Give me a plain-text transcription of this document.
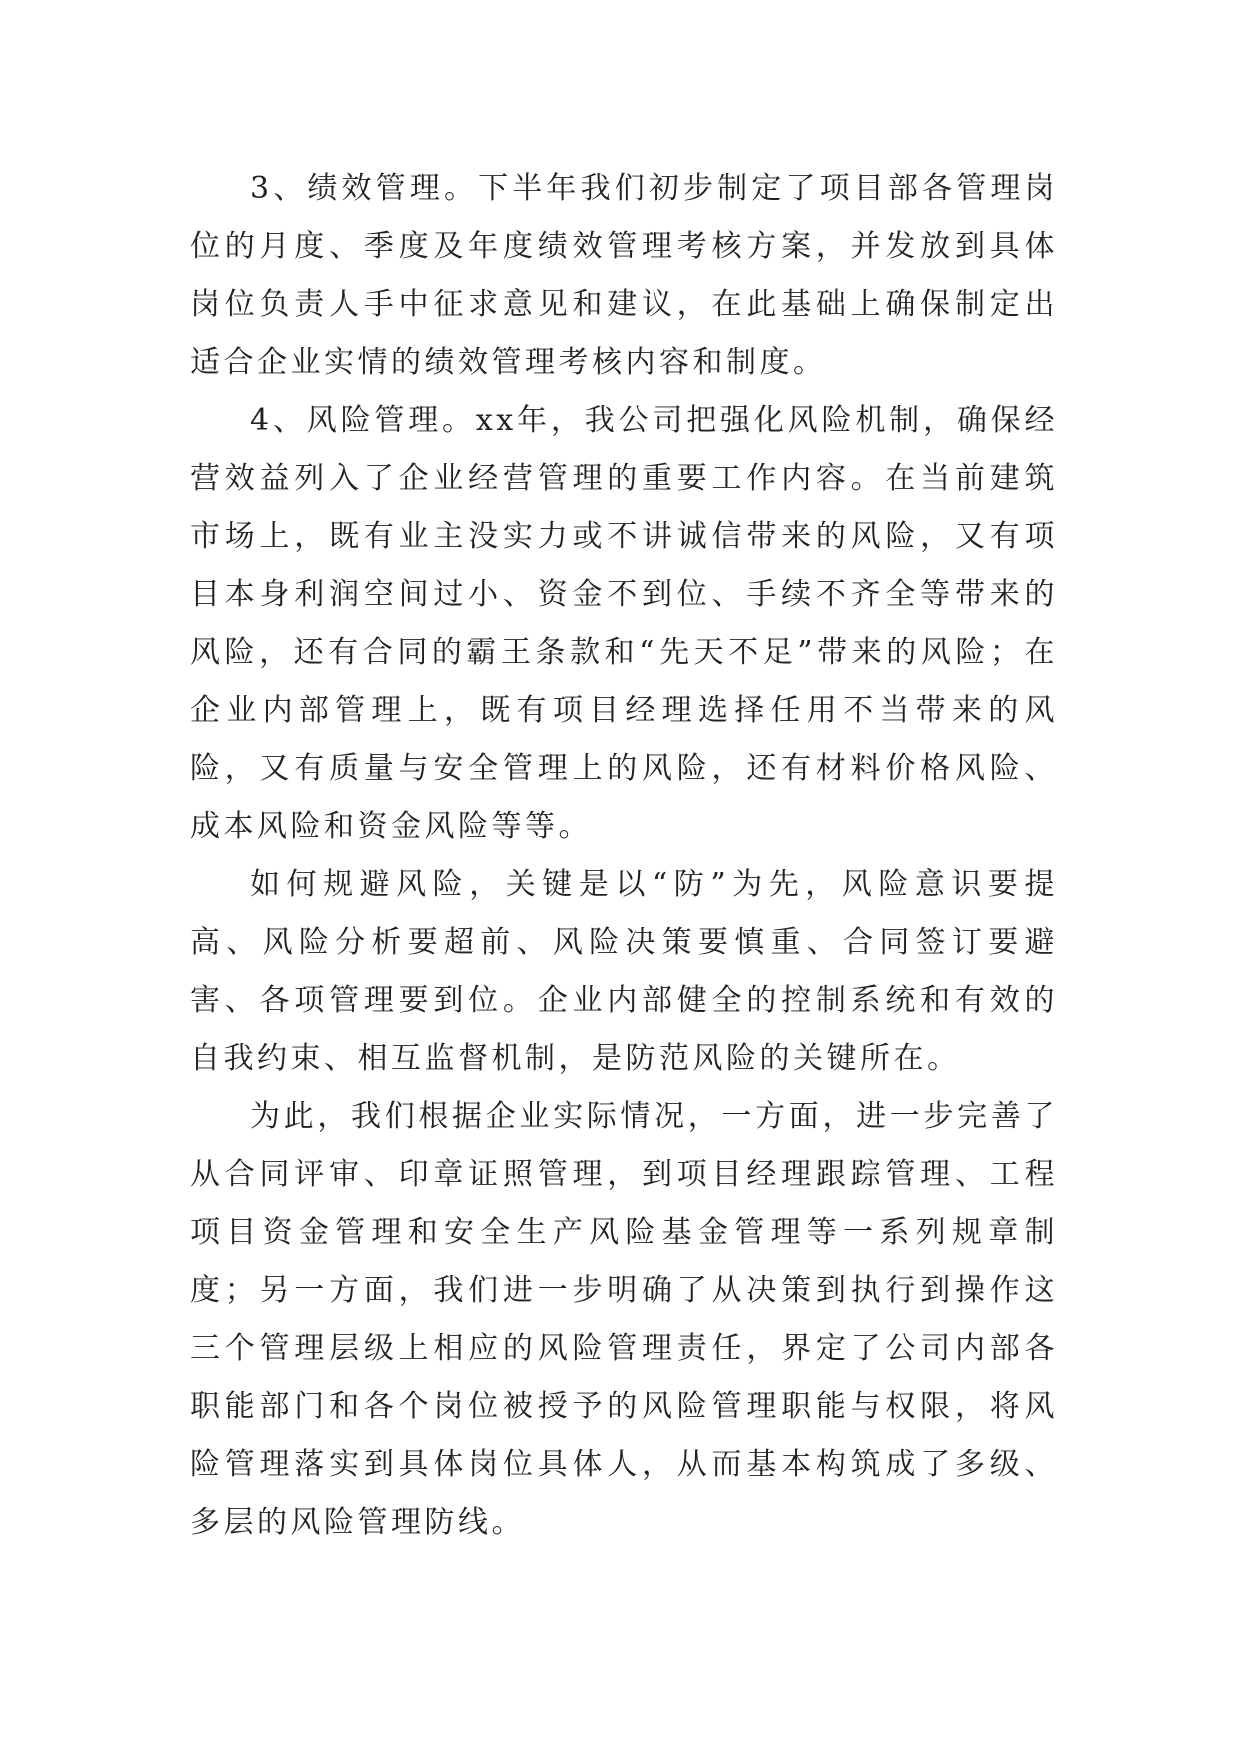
3、绩效管理。下半年我们初步制定了项目部各管理岗位的月度、季度及年度绩效管理考核方案，并发放到具体岗位负责人手中征求意见和建议，在此基础上确保制定出适合企业实情的绩效管理考核内容和制度。

4、风险管理。xx年，我公司把强化风险机制，确保经营效益列入了企业经营管理的重要工作内容。在当前建筑市场上，既有业主没实力或不讲诚信带来的风险，又有项目本身利润空间过小、资金不到位、手续不齐全等带来的风险，还有合同的霸王条款和“先天不足”带来的风险；在企业内部管理上，既有项目经理选择任用不当带来的风险，又有质量与安全管理上的风险，还有材料价格风险、成本风险和资金风险等等。

如何规避风险，关键是以“防”为先，风险意识要提高、风险分析要超前、风险决策要慎重、合同签订要避害、各项管理要到位。企业内部健全的控制系统和有效的自我约束、相互监督机制，是防范风险的关键所在。

为此，我们根据企业实际情况，一方面，进一步完善了从合同评审、印章证照管理，到项目经理跟踪管理、工程项目资金管理和安全生产风险基金管理等一系列规章制度；另一方面，我们进一步明确了从决策到执行到操作这三个管理层级上相应的风险管理责任，界定了公司内部各职能部门和各个岗位被授予的风险管理职能与权限，将风险管理落实到具体岗位具体人，从而基本构筑成了多级、多层的风险管理防线。
